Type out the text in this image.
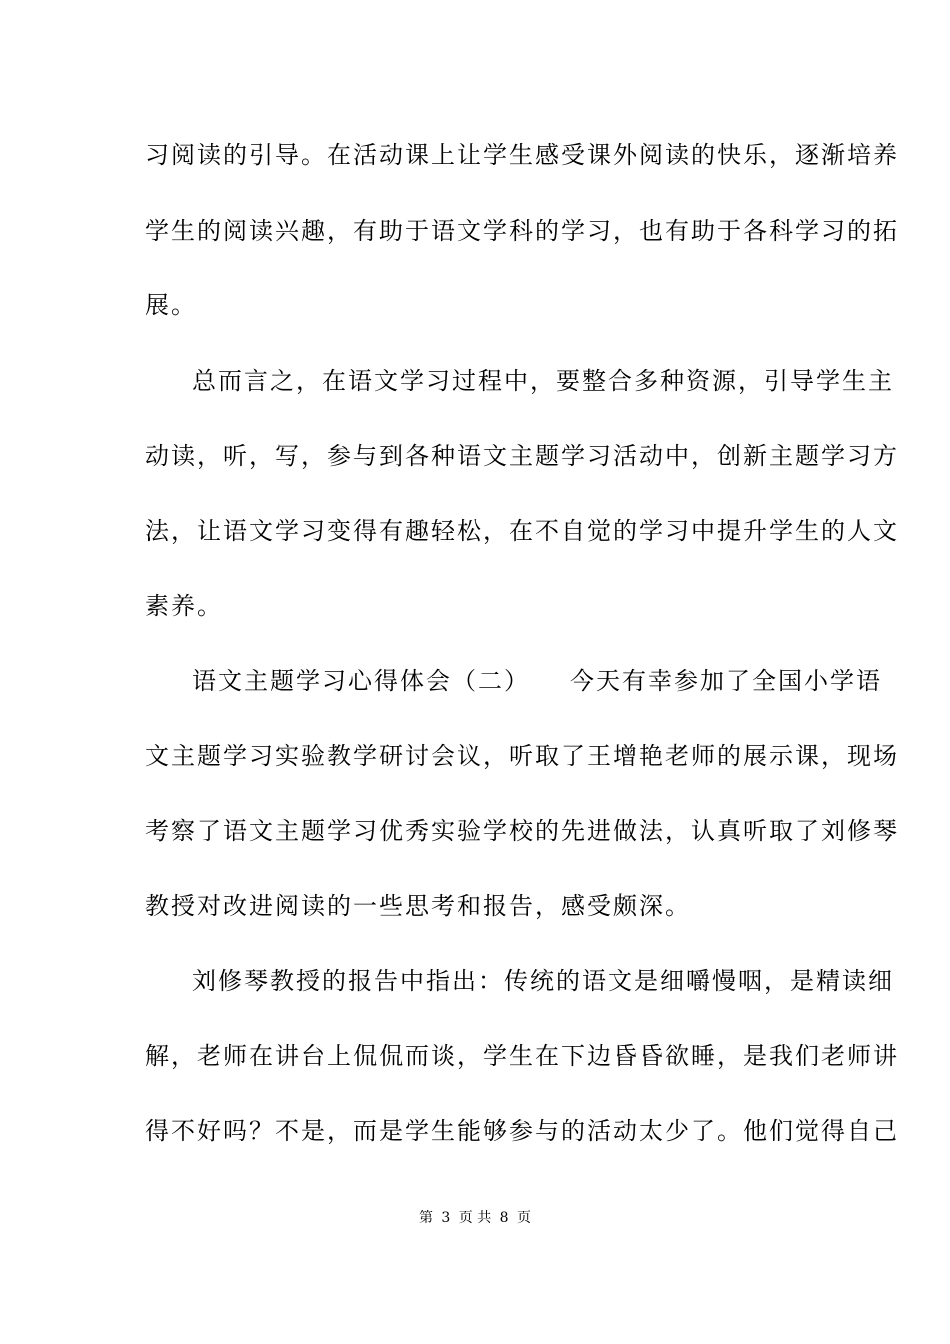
习阅读的引导。在活动课上让学生感受课外阅读的快乐，逐渐培养
学生的阅读兴趣，有助于语文学科的学习，也有助于各科学习的拓
展。
总而言之，在语文学习过程中，要整合多种资源，引导学生主
动读，听，写，参与到各种语文主题学习活动中，创新主题学习方
法，让语文学习变得有趣轻松，在不自觉的学习中提升学生的人文
素养。
语文主题学习心得体会（二）　　今天有幸参加了全国小学语
文主题学习实验教学研讨会议，听取了王增艳老师的展示课，现场
考察了语文主题学习优秀实验学校的先进做法，认真听取了刘修琴
教授对改进阅读的一些思考和报告，感受颇深。
刘修琴教授的报告中指出：传统的语文是细嚼慢咽，是精读细
解，老师在讲台上侃侃而谈，学生在下边昏昏欲睡，是我们老师讲
得不好吗？不是，而是学生能够参与的活动太少了。他们觉得自己
第 3 页 共 8 页
